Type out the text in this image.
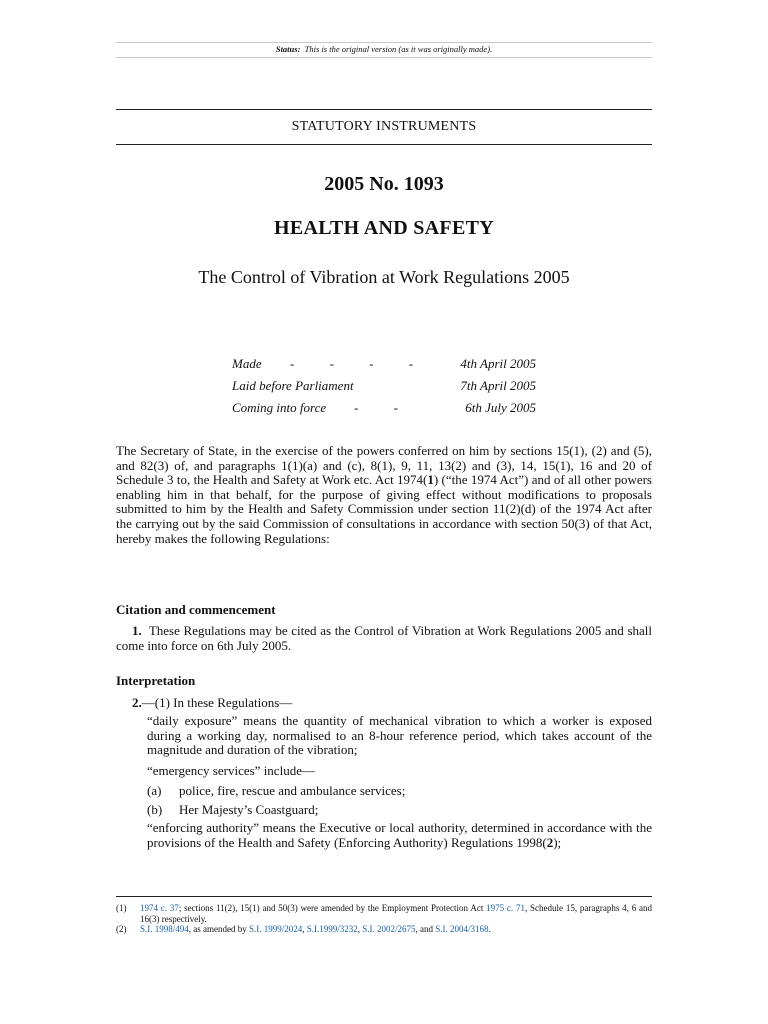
Status: This is the original version (as it was originally made).
STATUTORY INSTRUMENTS
2005 No. 1093
HEALTH AND SAFETY
The Control of Vibration at Work Regulations 2005
Made - - - - 4th April 2005
Laid before Parliament	7th April 2005
Coming into force - -	6th July 2005
The Secretary of State, in the exercise of the powers conferred on him by sections 15(1), (2) and (5), and 82(3) of, and paragraphs 1(1)(a) and (c), 8(1), 9, 11, 13(2) and (3), 14, 15(1), 16 and 20 of Schedule 3 to, the Health and Safety at Work etc. Act 1974(1) (“the 1974 Act”) and of all other powers enabling him in that behalf, for the purpose of giving effect without modifications to proposals submitted to him by the Health and Safety Commission under section 11(2)(d) of the 1974 Act after the carrying out by the said Commission of consultations in accordance with section 50(3) of that Act, hereby makes the following Regulations:
Citation and commencement
1. These Regulations may be cited as the Control of Vibration at Work Regulations 2005 and shall come into force on 6th July 2005.
Interpretation
2.—(1) In these Regulations—
“daily exposure” means the quantity of mechanical vibration to which a worker is exposed during a working day, normalised to an 8-hour reference period, which takes account of the magnitude and duration of the vibration;
“emergency services” include—
(a) police, fire, rescue and ambulance services;
(b) Her Majesty’s Coastguard;
“enforcing authority” means the Executive or local authority, determined in accordance with the provisions of the Health and Safety (Enforcing Authority) Regulations 1998(2);
(1) 1974 c. 37; sections 11(2), 15(1) and 50(3) were amended by the Employment Protection Act 1975 c. 71, Schedule 15, paragraphs 4, 6 and 16(3) respectively.
(2) S.I. 1998/494, as amended by S.I. 1999/2024, S.I.1999/3232, S.I. 2002/2675, and S.I. 2004/3168.
